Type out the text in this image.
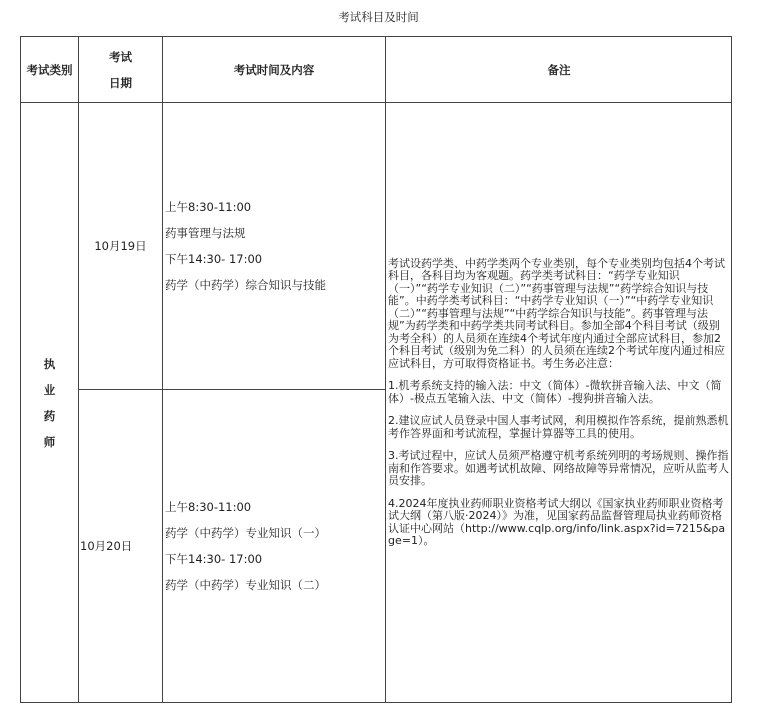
考试科目及时间
考试类别
考试
日期
考试时间及内容	备注
执
业
药
师
10月19日
上午8:30-11:00
药事管理与法规
下午14:30- 17:00
药学（中药学）综合知识与技能
10月20日
上午8:30-11:00
药学（中药学）专业知识（一）
下午14:30- 17:00
药学（中药学）专业知识（二）

考试设药学类、中药学类两个专业类别，每个专业类别均包括4个考试科目，各科目均为客观题。药学类考试科目：“药学专业知识（一）”“药学专业知识（二）”“药事管理与法规”“药学综合知识与技能”。中药学类考试科目：“中药学专业知识（一）”“中药学专业知识（二）”“药事管理与法规”“中药学综合知识与技能”。药事管理与法规”为药学类和中药学类共同考试科目。参加全部4个科目考试（级别为考全科）的人员须在连续4个考试年度内通过全部应试科目，参加2个科目考试（级别为免二科）的人员须在连续2个考试年度内通过相应应试科目，方可取得资格证书。考生务必注意：

1.机考系统支持的输入法：中文（简体）-微软拼音输入法、中文（简体）-极点五笔输入法、中文（简体）-搜狗拼音输入法。

2.建议应试人员登录中国人事考试网，利用模拟作答系统，提前熟悉机考作答界面和考试流程，掌握计算器等工具的使用。

3.考试过程中，应试人员须严格遵守机考系统列明的考场规则、操作指南和作答要求。如遇考试机故障、网络故障等异常情况，应听从监考人员安排。

4.2024年度执业药师职业资格考试大纲以《国家执业药师职业资格考试大纲（第八版·2024）》为准，见国家药品监督管理局执业药师资格认证中心网站（http://www.cqlp.org/info/link.aspx?id=7215&page=1）。
